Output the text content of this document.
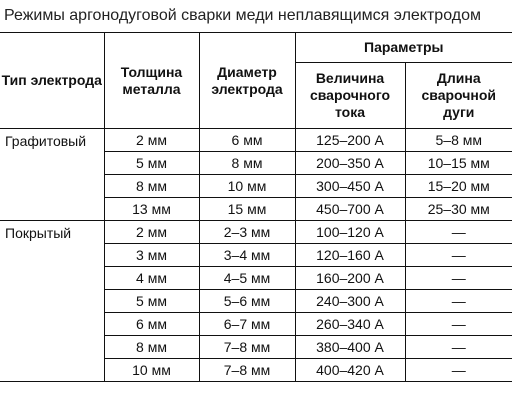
Режимы аргонодуговой сварки меди неплавящимся электродом
Тип электрода	Толщина металла	Диаметр электрода	Параметры	
			Величина сварочного тока	Длина сварочной дуги
Графитовый	2 мм	6 мм	125–200 А	5–8 мм
	5 мм	8 мм	200–350 А	10–15 мм
	8 мм	10 мм	300–450 А	15–20 мм
	13 мм	15 мм	450–700 А	25–30 мм
Покрытый	2 мм	2–3 мм	100–120 А	—
	3 мм	3–4 мм	120–160 А	—
	4 мм	4–5 мм	160–200 А	—
	5 мм	5–6 мм	240–300 А	—
	6 мм	6–7 мм	260–340 А	—
	8 мм	7–8 мм	380–400 А	—
	10 мм	7–8 мм	400–420 А	—
